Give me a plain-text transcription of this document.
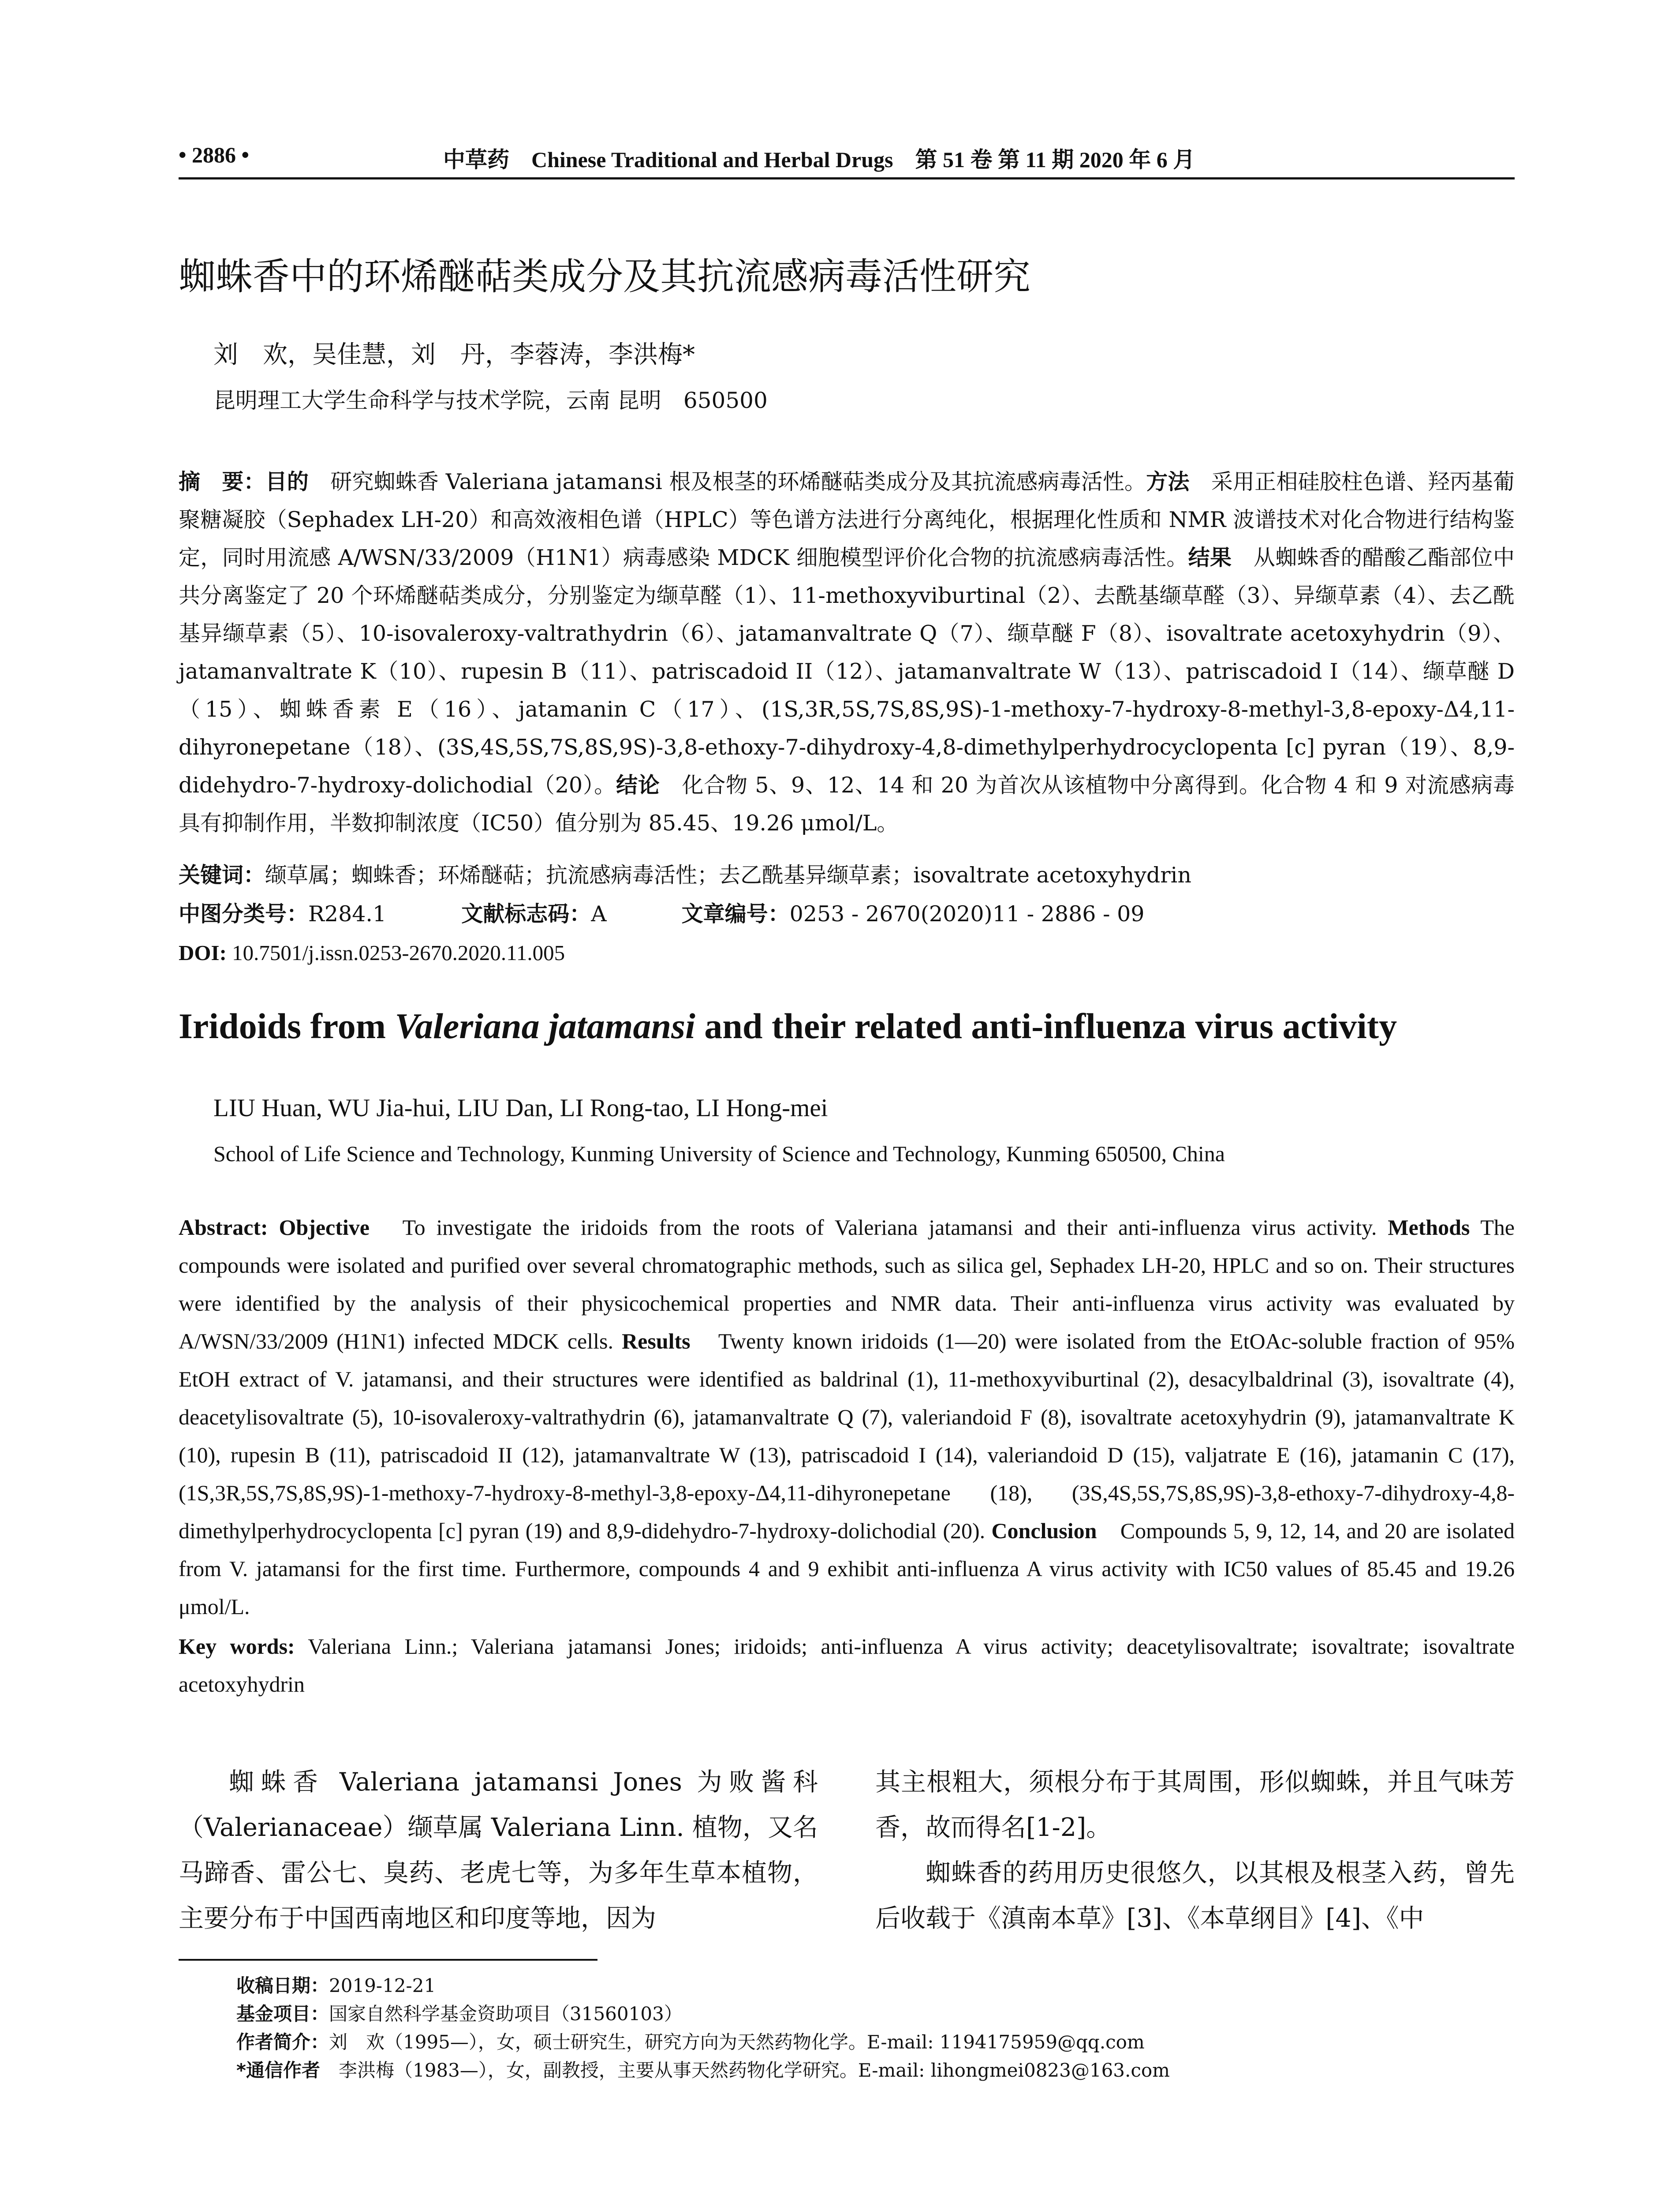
• 2886 •	中草药　Chinese Traditional and Herbal Drugs　第 51 卷 第 11 期 2020 年 6 月
蜘蛛香中的环烯醚萜类成分及其抗流感病毒活性研究
刘　欢，吴佳慧，刘　丹，李蓉涛，李洪梅*
昆明理工大学生命科学与技术学院，云南 昆明　650500
摘　要：目的　研究蜘蛛香 Valeriana jatamansi 根及根茎的环烯醚萜类成分及其抗流感病毒活性。方法　采用正相硅胶柱色谱、羟丙基葡聚糖凝胶（Sephadex LH-20）和高效液相色谱（HPLC）等色谱方法进行分离纯化，根据理化性质和 NMR 波谱技术对化合物进行结构鉴定，同时用流感 A/WSN/33/2009（H1N1）病毒感染 MDCK 细胞模型评价化合物的抗流感病毒活性。结果　从蜘蛛香的醋酸乙酯部位中共分离鉴定了 20 个环烯醚萜类成分，分别鉴定为缬草醛（1）、11-methoxyviburtinal（2）、去酰基缬草醛（3）、异缬草素（4）、去乙酰基异缬草素（5）、10-isovaleroxy-valtrathydrin（6）、jatamanvaltrate Q（7）、缬草醚 F（8）、isovaltrate acetoxyhydrin（9）、jatamanvaltrate K（10）、rupesin B（11）、patriscadoid II（12）、jatamanvaltrate W（13）、patriscadoid I（14）、缬草醚 D（15）、蜘蛛香素 E（16）、jatamanin C（17）、(1S,3R,5S,7S,8S,9S)-1-methoxy-7-hydroxy-8-methyl-3,8-epoxy-Δ4,11-dihyronepetane（18）、(3S,4S,5S,7S,8S,9S)-3,8-ethoxy-7-dihydroxy-4,8-dimethylperhydrocyclopenta [c] pyran（19）、8,9-didehydro-7-hydroxy-dolichodial（20）。结论　化合物 5、9、12、14 和 20 为首次从该植物中分离得到。化合物 4 和 9 对流感病毒具有抑制作用，半数抑制浓度（IC50）值分别为 85.45、19.26 μmol/L。
关键词：缬草属；蜘蛛香；环烯醚萜；抗流感病毒活性；去乙酰基异缬草素；isovaltrate acetoxyhydrin
中图分类号：R284.1	文献标志码：A	文章编号：0253 - 2670(2020)11 - 2886 - 09
DOI: 10.7501/j.issn.0253-2670.2020.11.005
Iridoids from Valeriana jatamansi and their related anti-influenza virus activity
LIU Huan, WU Jia-hui, LIU Dan, LI Rong-tao, LI Hong-mei
School of Life Science and Technology, Kunming University of Science and Technology, Kunming 650500, China
Abstract: Objective　To investigate the iridoids from the roots of Valeriana jatamansi and their anti-influenza virus activity. Methods The compounds were isolated and purified over several chromatographic methods, such as silica gel, Sephadex LH-20, HPLC and so on. Their structures were identified by the analysis of their physicochemical properties and NMR data. Their anti-influenza virus activity was evaluated by A/WSN/33/2009 (H1N1) infected MDCK cells. Results　Twenty known iridoids (1—20) were isolated from the EtOAc-soluble fraction of 95% EtOH extract of V. jatamansi, and their structures were identified as baldrinal (1), 11-methoxyviburtinal (2), desacylbaldrinal (3), isovaltrate (4), deacetylisovaltrate (5), 10-isovaleroxy-valtrathydrin (6), jatamanvaltrate Q (7), valeriandoid F (8), isovaltrate acetoxyhydrin (9), jatamanvaltrate K (10), rupesin B (11), patriscadoid II (12), jatamanvaltrate W (13), patriscadoid I (14), valeriandoid D (15), valjatrate E (16), jatamanin C (17), (1S,3R,5S,7S,8S,9S)-1-methoxy-7-hydroxy-8-methyl-3,8-epoxy-Δ4,11-dihyronepetane (18), (3S,4S,5S,7S,8S,9S)-3,8-ethoxy-7-dihydroxy-4,8-dimethylperhydrocyclopenta [c] pyran (19) and 8,9-didehydro-7-hydroxy-dolichodial (20). Conclusion　Compounds 5, 9, 12, 14, and 20 are isolated from V. jatamansi for the first time. Furthermore, compounds 4 and 9 exhibit anti-influenza A virus activity with IC50 values of 85.45 and 19.26 μmol/L.
Key words: Valeriana Linn.; Valeriana jatamansi Jones; iridoids; anti-influenza A virus activity; deacetylisovaltrate; isovaltrate; isovaltrate acetoxyhydrin

蜘蛛香 Valeriana jatamansi Jones 为败酱科（Valerianaceae）缬草属 Valeriana Linn. 植物，又名马蹄香、雷公七、臭药、老虎七等，为多年生草本植物，主要分布于中国西南地区和印度等地，因为

其主根粗大，须根分布于其周围，形似蜘蛛，并且气味芳香，故而得名[1-2]。

蜘蛛香的药用历史很悠久，以其根及根茎入药，曾先后收载于《滇南本草》[3]、《本草纲目》[4]、《中

收稿日期：2019-12-21
基金项目：国家自然科学基金资助项目（31560103）
作者简介：刘　欢（1995—），女，硕士研究生，研究方向为天然药物化学。E-mail: 1194175959@qq.com
*通信作者　李洪梅（1983—），女，副教授，主要从事天然药物化学研究。E-mail: lihongmei0823@163.com
